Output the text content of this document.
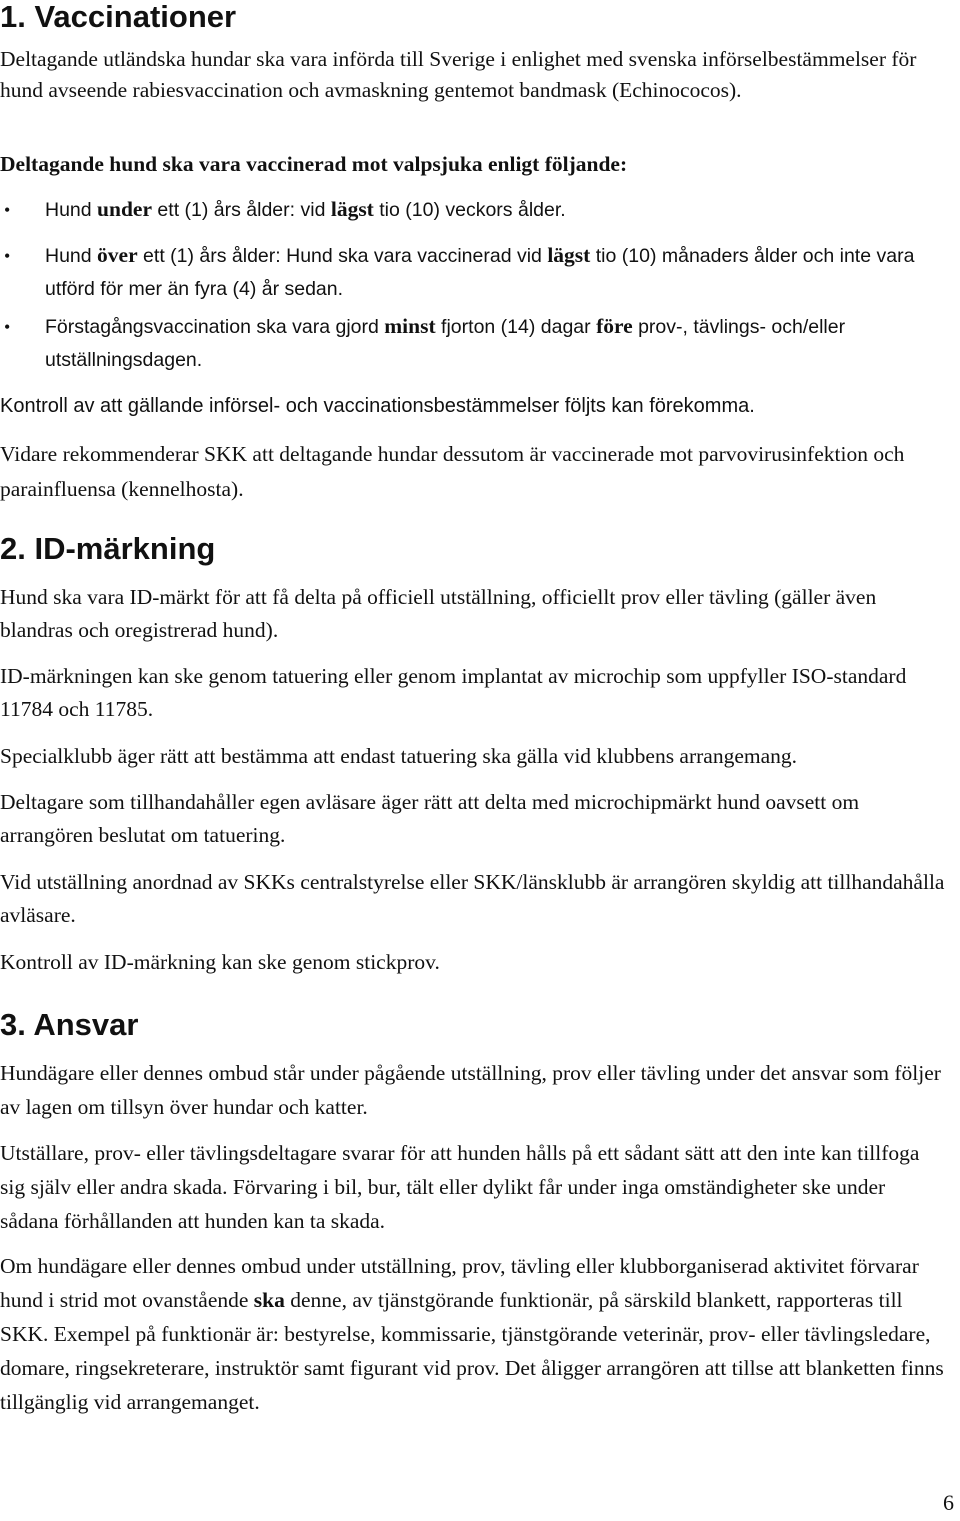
1. Vaccinationer

Deltagande utländska hundar ska vara införda till Sverige i enlighet med svenska införselbestämmelser för hund avseende rabiesvaccination och avmaskning gentemot bandmask (Echinococos).

Deltagande hund ska vara vaccinerad mot valpsjuka enligt följande:

• Hund under ett (1) års ålder: vid lägst tio (10) veckors ålder.

• Hund över ett (1) års ålder: Hund ska vara vaccinerad vid lägst tio (10) månaders ålder och inte vara utförd för mer än fyra (4) år sedan.

• Förstagångsvaccination ska vara gjord minst fjorton (14) dagar före prov-, tävlings- och/eller utställningsdagen.

Kontroll av att gällande införsel- och vaccinationsbestämmelser följts kan förekomma.

Vidare rekommenderar SKK att deltagande hundar dessutom är vaccinerade mot parvovirusinfektion och parainfluensa (kennelhosta).

2. ID-märkning

Hund ska vara ID-märkt för att få delta på officiell utställning, officiellt prov eller tävling (gäller även blandras och oregistrerad hund).

ID-märkningen kan ske genom tatuering eller genom implantat av microchip som uppfyller ISO-standard 11784 och 11785.

Specialklubb äger rätt att bestämma att endast tatuering ska gälla vid klubbens arrangemang.

Deltagare som tillhandahåller egen avläsare äger rätt att delta med microchipmärkt hund oavsett om arrangören beslutat om tatuering.

Vid utställning anordnad av SKKs centralstyrelse eller SKK/länsklubb är arrangören skyldig att tillhandahålla avläsare.

Kontroll av ID-märkning kan ske genom stickprov.

3. Ansvar

Hundägare eller dennes ombud står under pågående utställning, prov eller tävling under det ansvar som följer av lagen om tillsyn över hundar och katter.

Utställare, prov- eller tävlingsdeltagare svarar för att hunden hålls på ett sådant sätt att den inte kan tillfoga sig själv eller andra skada. Förvaring i bil, bur, tält eller dylikt får under inga omständigheter ske under sådana förhållanden att hunden kan ta skada.

Om hundägare eller dennes ombud under utställning, prov, tävling eller klubborganiserad aktivitet förvarar hund i strid mot ovanstående ska denne, av tjänstgörande funktionär, på särskild blankett, rapporteras till SKK. Exempel på funktionär är: bestyrelse, kommissarie, tjänstgörande veterinär, prov- eller tävlingsledare, domare, ringsekreterare, instruktör samt figurant vid prov. Det åligger arrangören att tillse att blanketten finns tillgänglig vid arrangemanget.

6
